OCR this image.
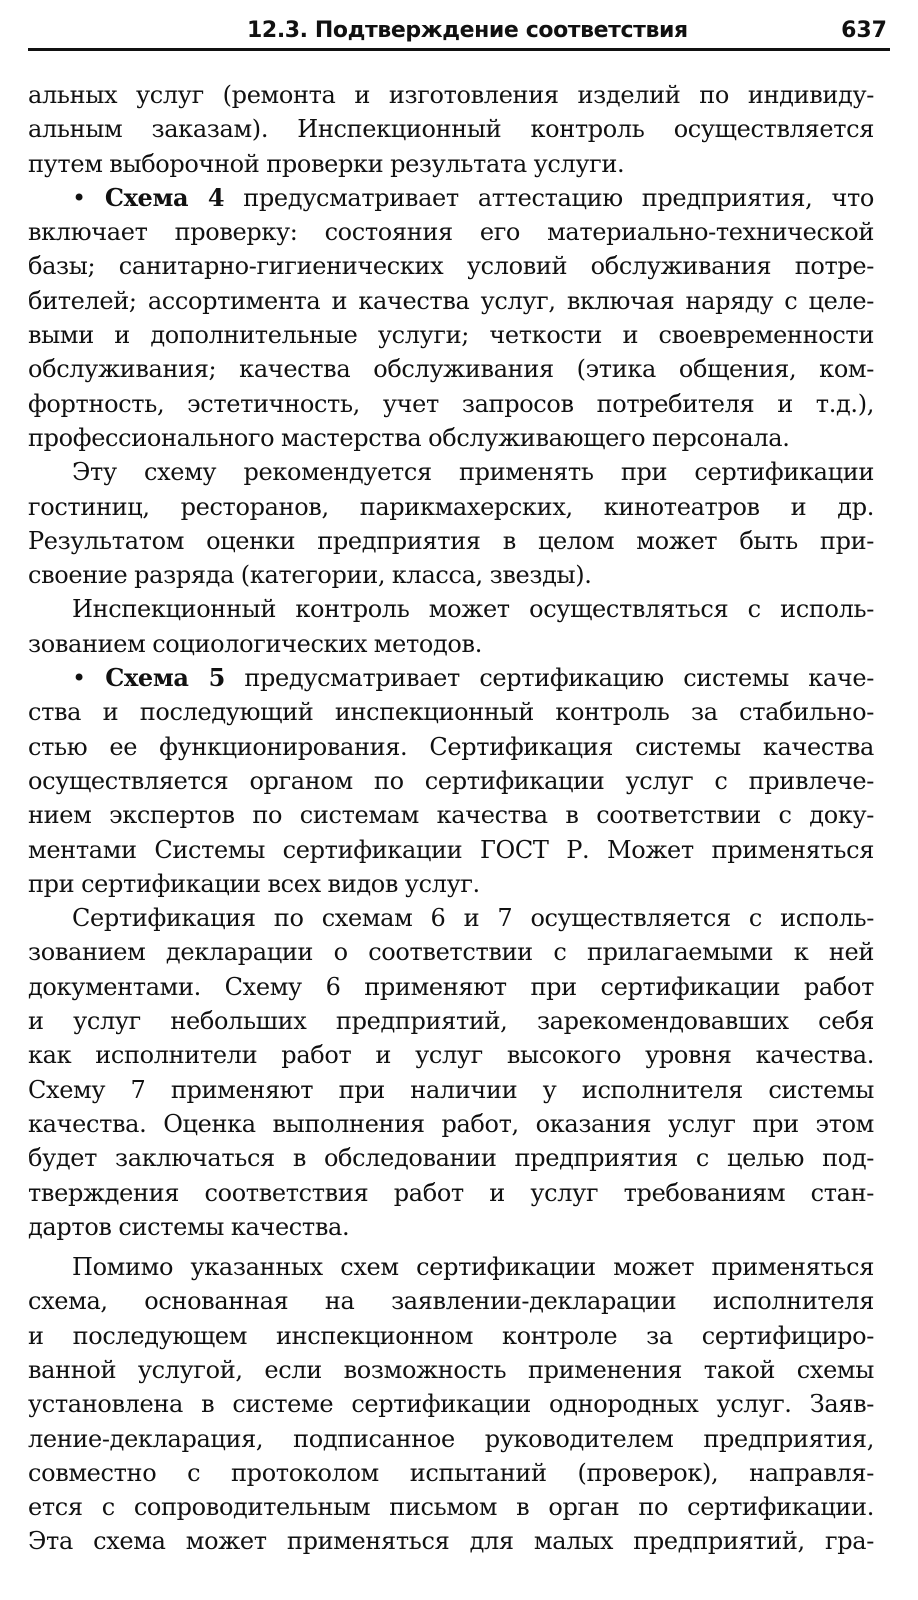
12.3. Подтверждение соответствия	637
альных услуг (ремонта и изготовления изделий по индивиду-
альным заказам). Инспекционный контроль осуществляется
путем выборочной проверки результата услуги.
• Схема 4 предусматривает аттестацию предприятия, что
включает проверку: состояния его материально-технической
базы; санитарно-гигиенических условий обслуживания потре-
бителей; ассортимента и качества услуг, включая наряду с целе-
выми и дополнительные услуги; четкости и своевременности
обслуживания; качества обслуживания (этика общения, ком-
фортность, эстетичность, учет запросов потребителя и т.д.),
профессионального мастерства обслуживающего персонала.
Эту схему рекомендуется применять при сертификации
гостиниц, ресторанов, парикмахерских, кинотеатров и др.
Результатом оценки предприятия в целом может быть при-
своение разряда (категории, класса, звезды).
Инспекционный контроль может осуществляться с исполь-
зованием социологических методов.
• Схема 5 предусматривает сертификацию системы каче-
ства и последующий инспекционный контроль за стабильно-
стью ее функционирования. Сертификация системы качества
осуществляется органом по сертификации услуг с привлече-
нием экспертов по системам качества в соответствии с доку-
ментами Системы сертификации ГОСТ Р. Может применяться
при сертификации всех видов услуг.
Сертификация по схемам 6 и 7 осуществляется с исполь-
зованием декларации о соответствии с прилагаемыми к ней
документами. Схему 6 применяют при сертификации работ
и услуг небольших предприятий, зарекомендовавших себя
как исполнители работ и услуг высокого уровня качества.
Схему 7 применяют при наличии у исполнителя системы
качества. Оценка выполнения работ, оказания услуг при этом
будет заключаться в обследовании предприятия с целью под-
тверждения соответствия работ и услуг требованиям стан-
дартов системы качества.
Помимо указанных схем сертификации может применяться
схема, основанная на заявлении-декларации исполнителя
и последующем инспекционном контроле за сертифициро-
ванной услугой, если возможность применения такой схемы
установлена в системе сертификации однородных услуг. Заяв-
ление-декларация, подписанное руководителем предприятия,
совместно с протоколом испытаний (проверок), направля-
ется с сопроводительным письмом в орган по сертификации.
Эта схема может применяться для малых предприятий, гра-
